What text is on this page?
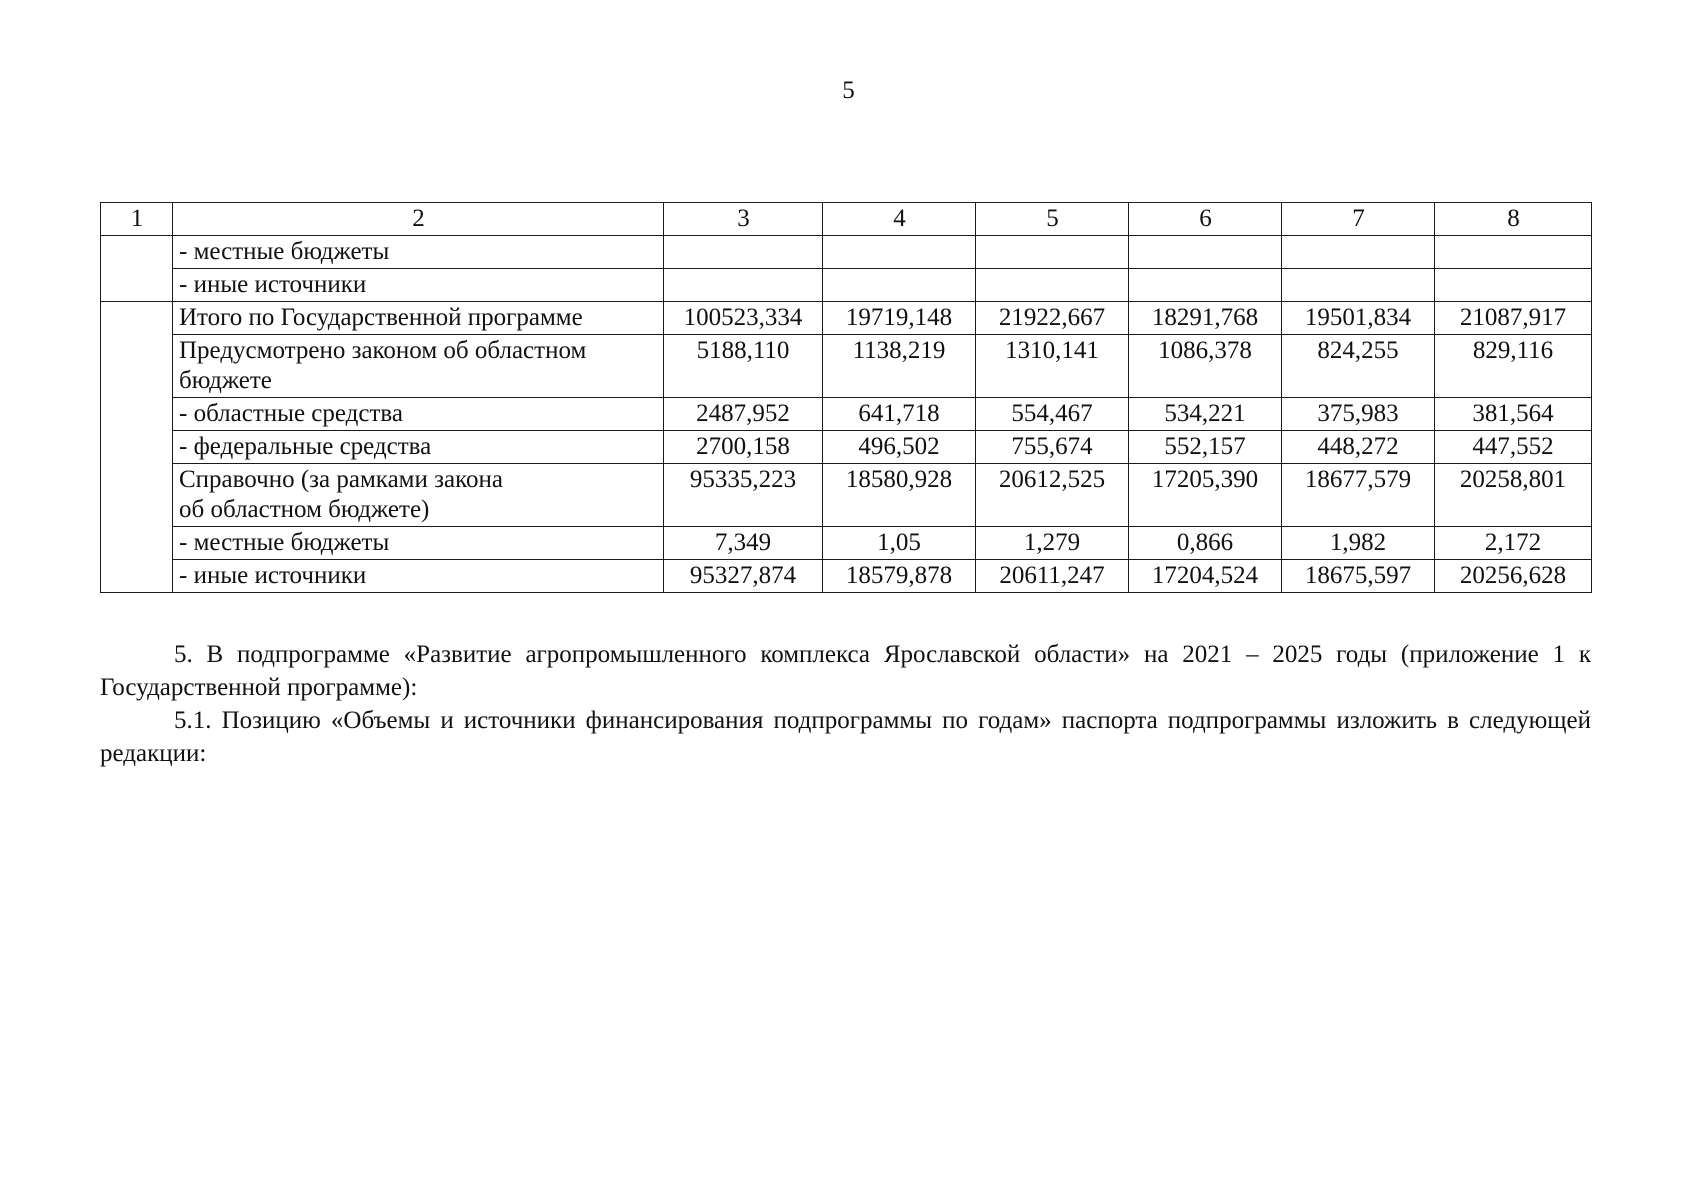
5
1	2	3	4	5	6	7	8
	- местные бюджеты						
	- иные источники						
	Итого по Государственной программе	100523,334	19719,148	21922,667	18291,768	19501,834	21087,917
	Предусмотрено законом об областном бюджете	5188,110	1138,219	1310,141	1086,378	824,255	829,116
	- областные средства	2487,952	641,718	554,467	534,221	375,983	381,564
	- федеральные средства	2700,158	496,502	755,674	552,157	448,272	447,552

	Справочно (за рамками закона
об областном бюджете)	95335,223	18580,928	20612,525	17205,390	18677,579	20258,801
	- местные бюджеты	7,349	1,05	1,279	0,866	1,982	2,172
	- иные источники	95327,874	18579,878	20611,247	17204,524	18675,597	20256,628

5. В подпрограмме «Развитие агропромышленного комплекса Ярославской области» на 2021 – 2025 годы (приложение 1 к Государственной программе):

5.1. Позицию «Объемы и источники финансирования подпрограммы по годам» паспорта подпрограммы изложить в следующей редакции:
